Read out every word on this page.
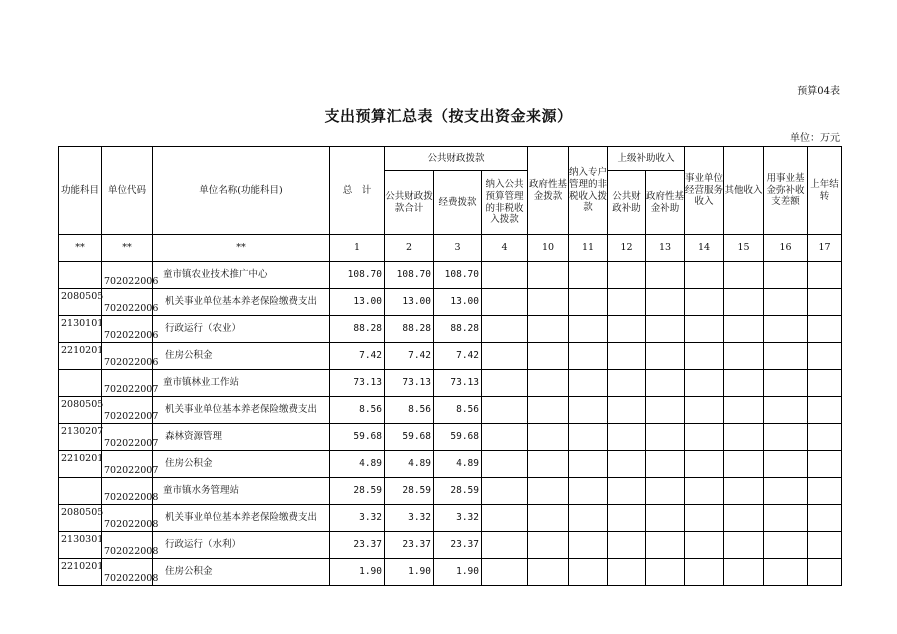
预算04表
支出预算汇总表（按支出资金来源）
单位：万元
功能科目	单位代码	单位名称(功能科目)	总　计	公共财政拨款			政府性基金拨款	纳入专户管理的非税收入拨款	上级补助收入		事业单位经营服务收入	其他收入	用事业基金弥补收支差额	上年结转
				公共财政拨款合计	经费拨款	纳入公共预算管理的非税收入拨款			公共财政补助	政府性基金补助				
**	**	**	1	2	3	4	10	11	12	13	14	15	16	17
	702022006	童市镇农业技术推广中心	108.70	108.70	108.70									
2080505	702022006	机关事业单位基本养老保险缴费支出	13.00	13.00	13.00									
2130101	702022006	行政运行（农业）	88.28	88.28	88.28									
2210201	702022006	住房公积金	7.42	7.42	7.42									
	702022007	童市镇林业工作站	73.13	73.13	73.13									
2080505	702022007	机关事业单位基本养老保险缴费支出	8.56	8.56	8.56									
2130207	702022007	森林资源管理	59.68	59.68	59.68									
2210201	702022007	住房公积金	4.89	4.89	4.89									
	702022008	童市镇水务管理站	28.59	28.59	28.59									
2080505	702022008	机关事业单位基本养老保险缴费支出	3.32	3.32	3.32									
2130301	702022008	行政运行（水利）	23.37	23.37	23.37									
2210201	702022008	住房公积金	1.90	1.90	1.90									
